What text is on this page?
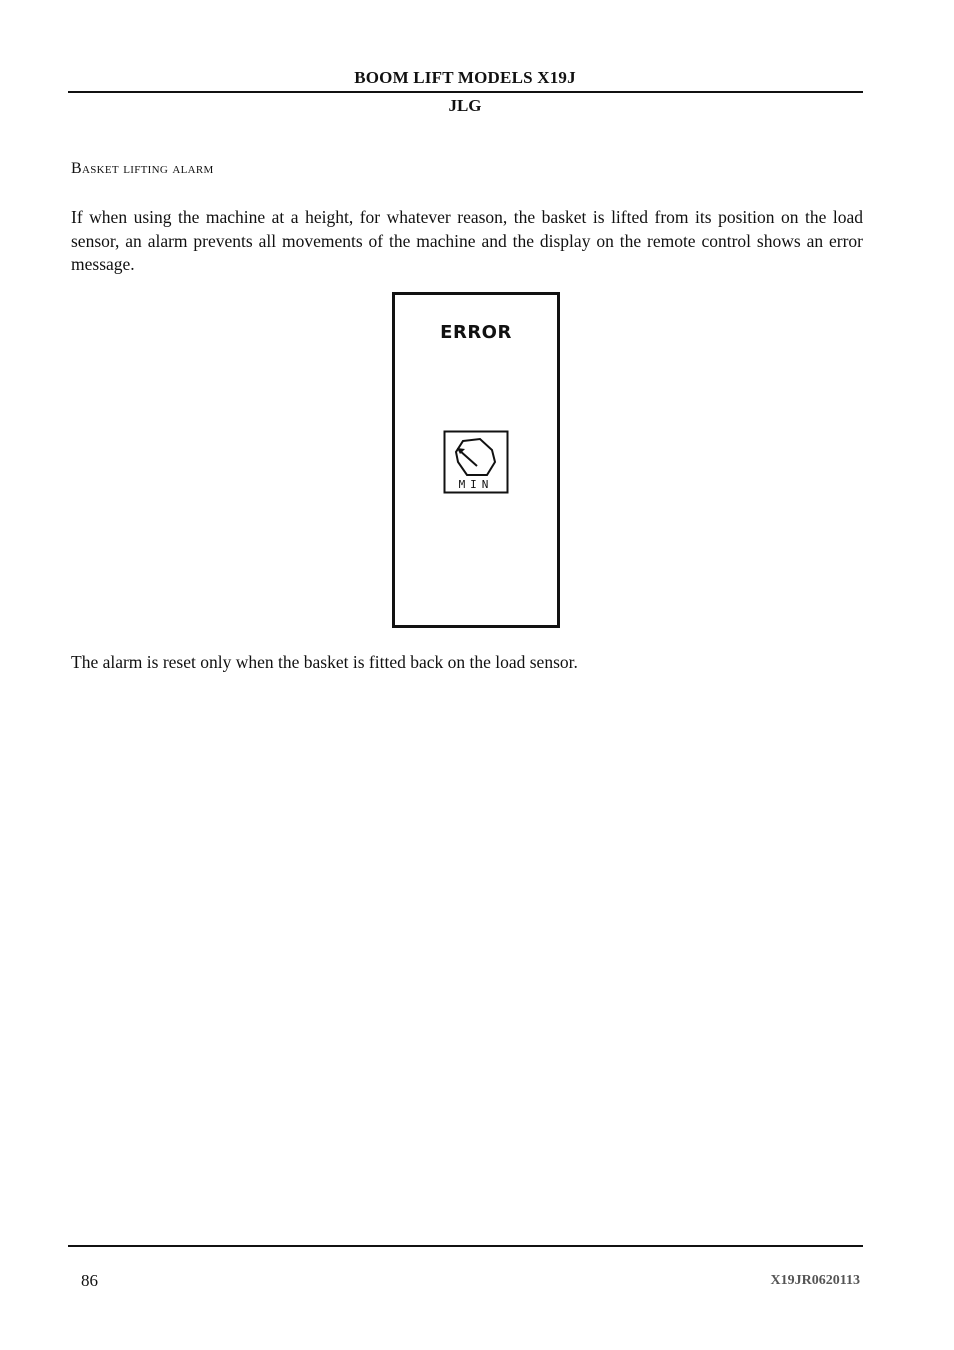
BOOM LIFT MODELS X19J
JLG
Basket lifting alarm

If when using the machine at a height, for whatever reason, the basket is lifted from its position on the load sensor, an alarm prevents all movements of the machine and the display on the remote control shows an error message.

ERROR
MIN

The alarm is reset only when the basket is fitted back on the load sensor.

86	X19JR0620113
